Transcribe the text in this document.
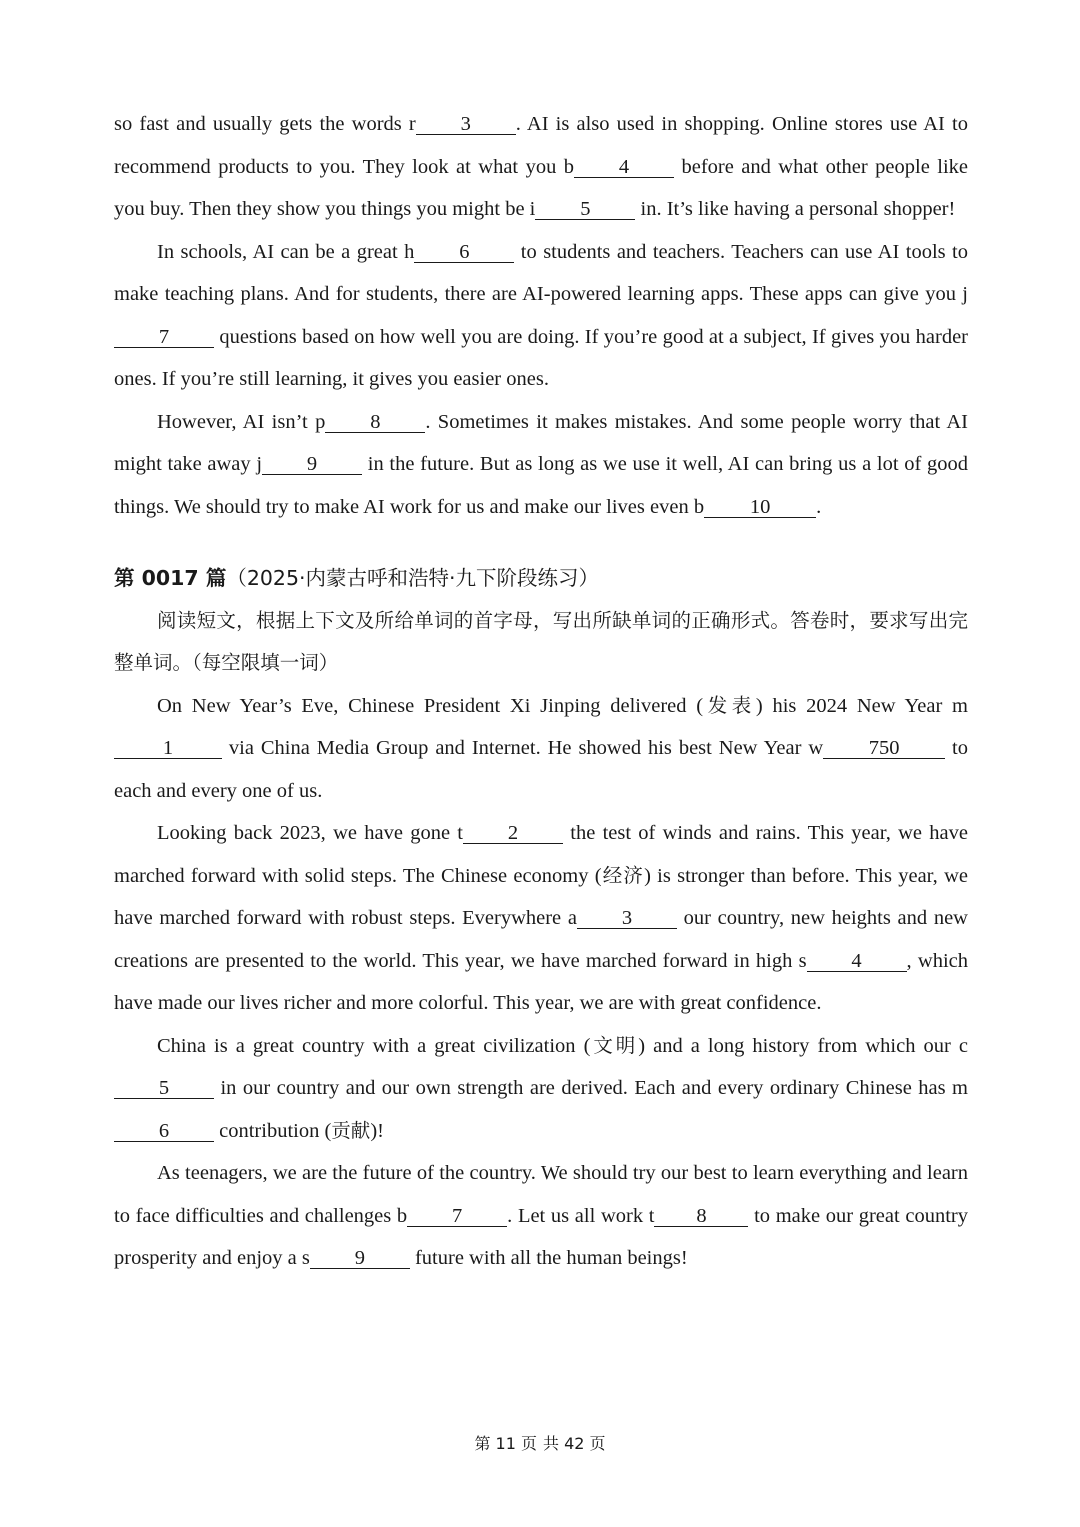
so fast and usually gets the words r 3 . AI is also used in shopping. Online stores use AI to recommend products to you. They look at what you b 4 before and what other people like you buy. Then they show you things you might be i 5 in. It’s like having a personal shopper!

In schools, AI can be a great h 6 to students and teachers. Teachers can use AI tools to make teaching plans. And for students, there are AI-powered learning apps. These apps can give you j7 questions based on how well you are doing. If you’re good at a subject, If gives you harder ones. If you’re still learning, it gives you easier ones.

However, AI isn’t p 8 . Sometimes it makes mistakes. And some people worry that AI might take away j 9 in the future. But as long as we use it well, AI can bring us a lot of good things. We should try to make AI work for us and make our lives even b 10 .

第 0017 篇（2025·内蒙古呼和浩特·九下阶段练习）

阅读短文，根据上下文及所给单词的首字母，写出所缺单词的正确形式。答卷时，要求写出完整单词。（每空限填一词）

On New Year’s Eve, Chinese President Xi Jinping delivered (发表) his 2024 New Year m1 via China Media Group and Internet. He showed his best New Year w 750 to each and every one of us.

Looking back 2023, we have gone t 2 the test of winds and rains. This year, we have marched forward with solid steps. The Chinese economy (经济) is stronger than before. This year, we have marched forward with robust steps. Everywhere a 3 our country, new heights and new creations are presented to the world. This year, we have marched forward in high s 4 , which have made our lives richer and more colorful. This year, we are with great confidence.

China is a great country with a great civilization (文明) and a long history from which our c5 in our country and our own strength are derived. Each and every ordinary Chinese has m6 contribution (贡献)!

As teenagers, we are the future of the country. We should try our best to learn everything and learn to face difficulties and challenges b 7 . Let us all work t 8 to make our great country prosperity and enjoy a s 9 future with all the human beings!

第 11 页 共 42 页
